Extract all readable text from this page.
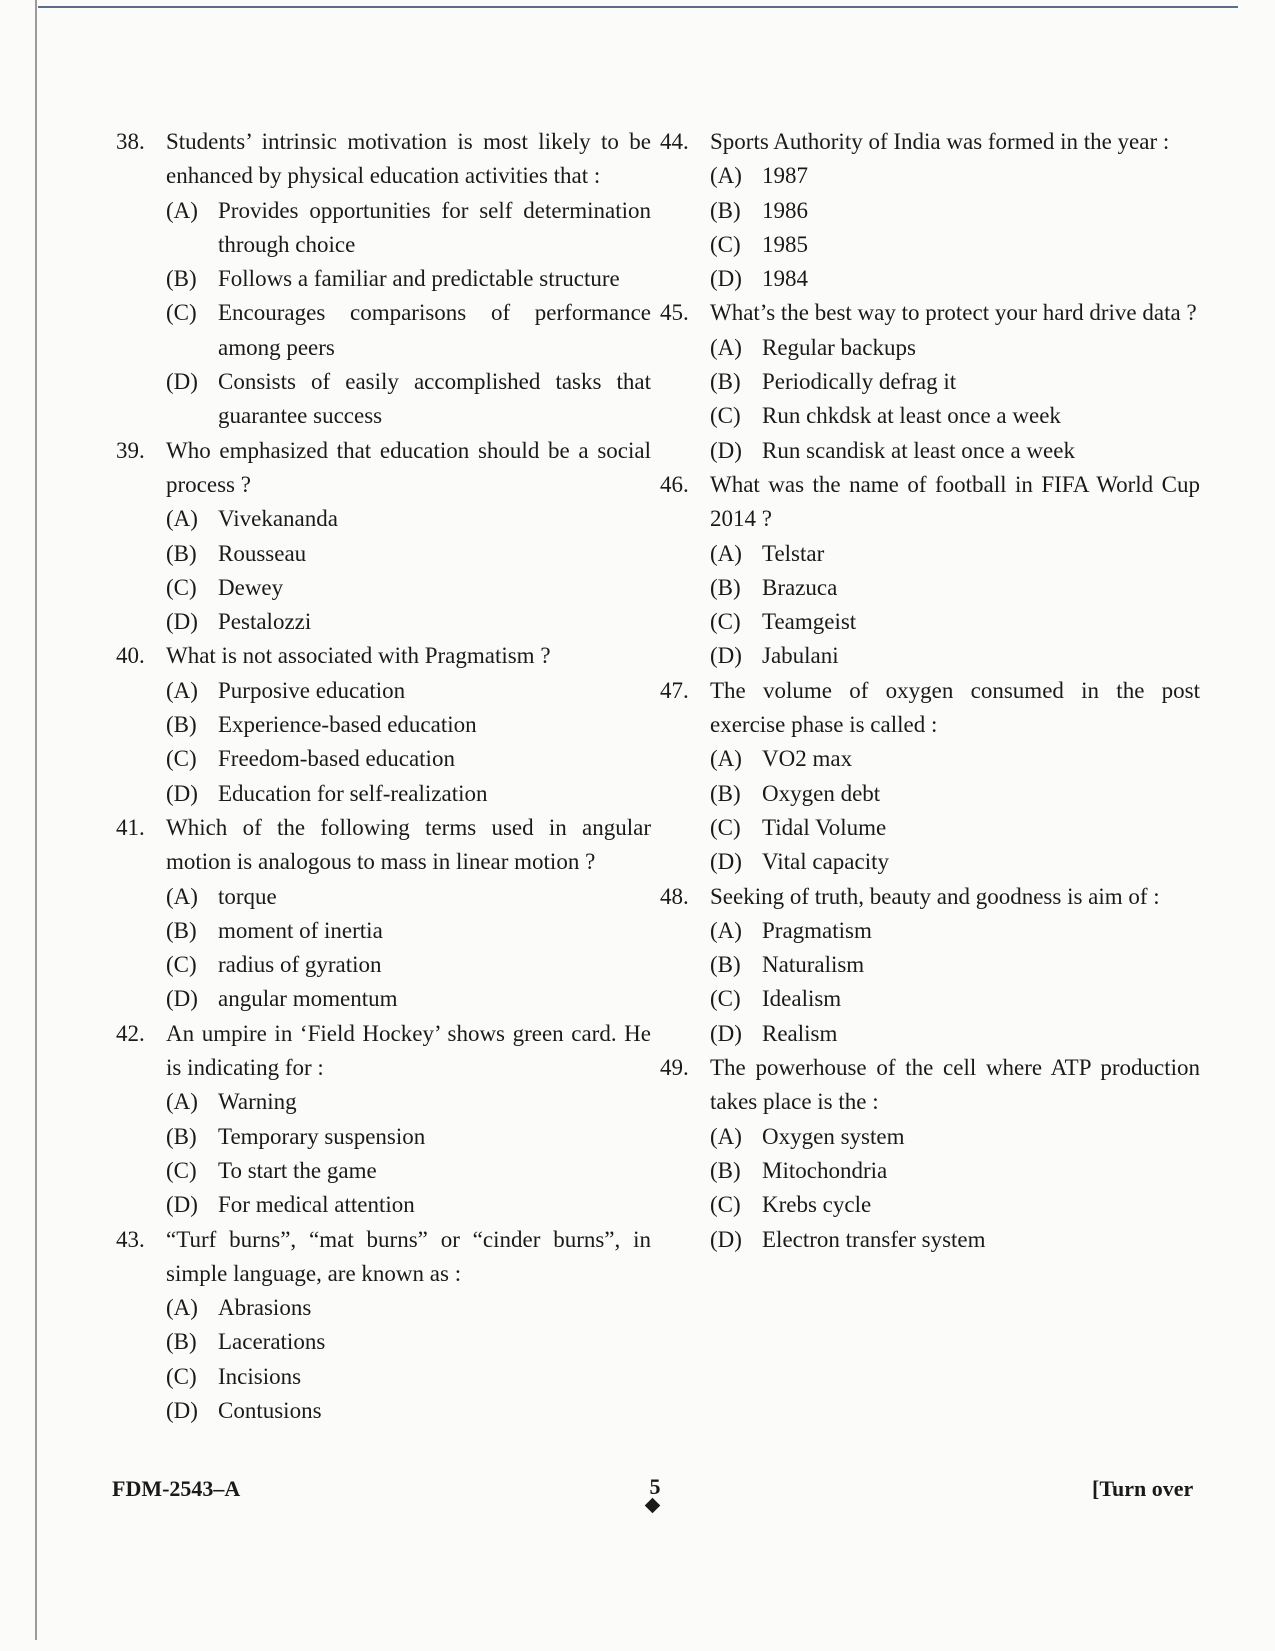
38. Students’ intrinsic motivation is most likely to be enhanced by physical education activities that :
(A) Provides opportunities for self determination through choice
(B) Follows a familiar and predictable structure
(C) Encourages comparisons of performance among peers
(D) Consists of easily accomplished tasks that guarantee success
39. Who emphasized that education should be a social process ?
(A) Vivekananda
(B) Rousseau
(C) Dewey
(D) Pestalozzi
40. What is not associated with Pragmatism ?
(A) Purposive education
(B) Experience-based education
(C) Freedom-based education
(D) Education for self-realization
41. Which of the following terms used in angular motion is analogous to mass in linear motion ?
(A) torque
(B) moment of inertia
(C) radius of gyration
(D) angular momentum
42. An umpire in ‘Field Hockey’ shows green card. He is indicating for :
(A) Warning
(B) Temporary suspension
(C) To start the game
(D) For medical attention
43. “Turf burns”, “mat burns” or “cinder burns”, in simple language, are known as :
(A) Abrasions
(B) Lacerations
(C) Incisions
(D) Contusions
44. Sports Authority of India was formed in the year :
(A) 1987
(B) 1986
(C) 1985
(D) 1984
45. What’s the best way to protect your hard drive data ?
(A) Regular backups
(B) Periodically defrag it
(C) Run chkdsk at least once a week
(D) Run scandisk at least once a week
46. What was the name of football in FIFA World Cup 2014 ?
(A) Telstar
(B) Brazuca
(C) Teamgeist
(D) Jabulani
47. The volume of oxygen consumed in the post exercise phase is called :
(A) VO2 max
(B) Oxygen debt
(C) Tidal Volume
(D) Vital capacity
48. Seeking of truth, beauty and goodness is aim of :
(A) Pragmatism
(B) Naturalism
(C) Idealism
(D) Realism
49. The powerhouse of the cell where ATP production takes place is the :
(A) Oxygen system
(B) Mitochondria
(C) Krebs cycle
(D) Electron transfer system
FDM-2543–A	5	[Turn over
